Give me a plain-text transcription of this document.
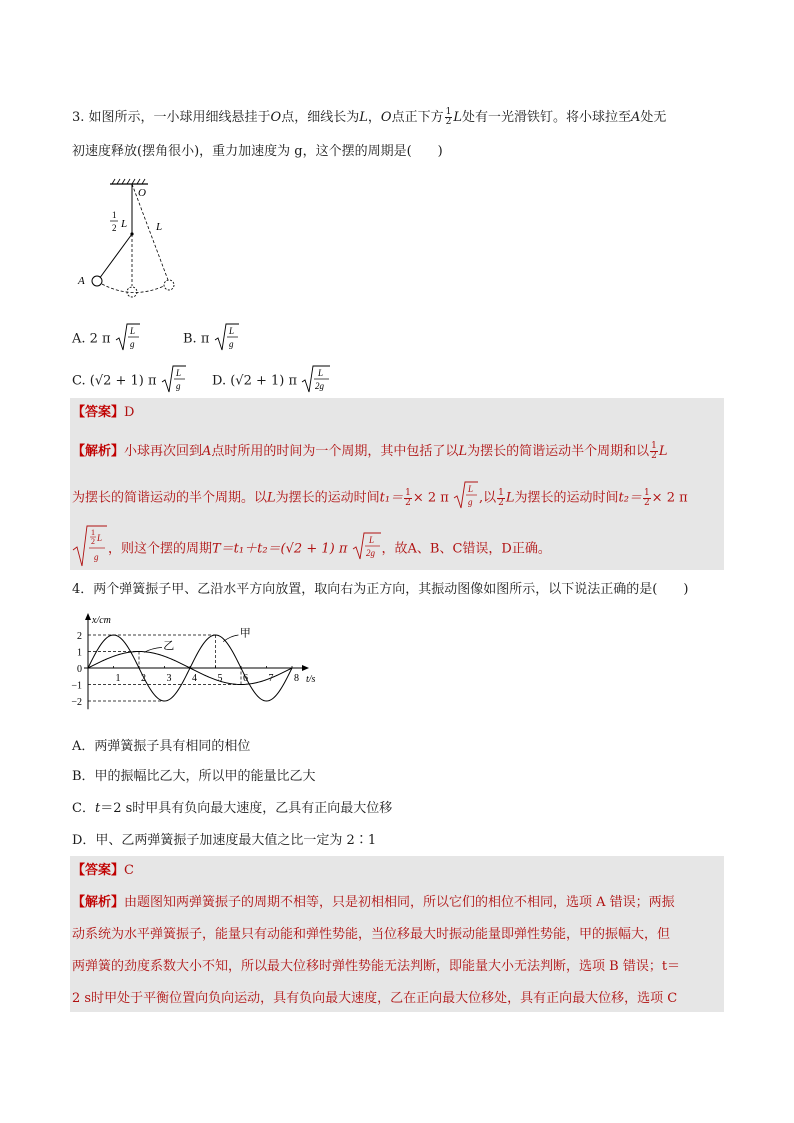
3. 如图所示，一小球用细线悬挂于O点，细线长为L，O点正下方 $\frac{1}{2}$ L处有一光滑铁钉。将小球拉至A处无
初速度释放(摆角很小)，重力加速度为 g，这个摆的周期是(　　)
O
1
2 L	L
A
A. 2 π
L
g	B. π
L
g
C. (√2 + 1) π
L
g D. (√2 + 1) π
L
2g
【答案】D
【解析】小球再次回到A点时所用的时间为一个周期，其中包括了以L为摆长的简谐运动半个周期和以 $\frac{1}{2}$ L
为摆长的简谐运动的半个周期。以L为摆长的运动时间$t_1= \frac{1}{2} \times 2$ π
L
g ,以 $\frac{1}{2}$ L为摆长的运动时间$t_2= \frac{1}{2} \times 2$ π
1
2 L
g
，则这个摆的周期T＝t₁＋t₂＝(√2 + 1) π
L
2g ，故A、B、C错误，D正确。
4．两个弹簧振子甲、乙沿水平方向放置，取向右为正方向，其振动图像如图所示，以下说法正确的是(　　)
x/cm
t/s
2
1
0
−1
−2
1 2 3 4 5 6 7 8
乙
甲
A．两弹簧振子具有相同的相位
B．甲的振幅比乙大，所以甲的能量比乙大
C．t＝2 s时甲具有负向最大速度，乙具有正向最大位移
D．甲、乙两弹簧振子加速度最大值之比一定为 2∶1
【答案】C
【解析】由题图知两弹簧振子的周期不相等，只是初相相同，所以它们的相位不相同，选项 A 错误；两振
动系统为水平弹簧振子，能量只有动能和弹性势能，当位移最大时振动能量即弹性势能，甲的振幅大，但
两弹簧的劲度系数大小不知，所以最大位移时弹性势能无法判断，即能量大小无法判断，选项 B 错误；t＝
2 s时甲处于平衡位置向负向运动，具有负向最大速度，乙在正向最大位移处，具有正向最大位移，选项 C
